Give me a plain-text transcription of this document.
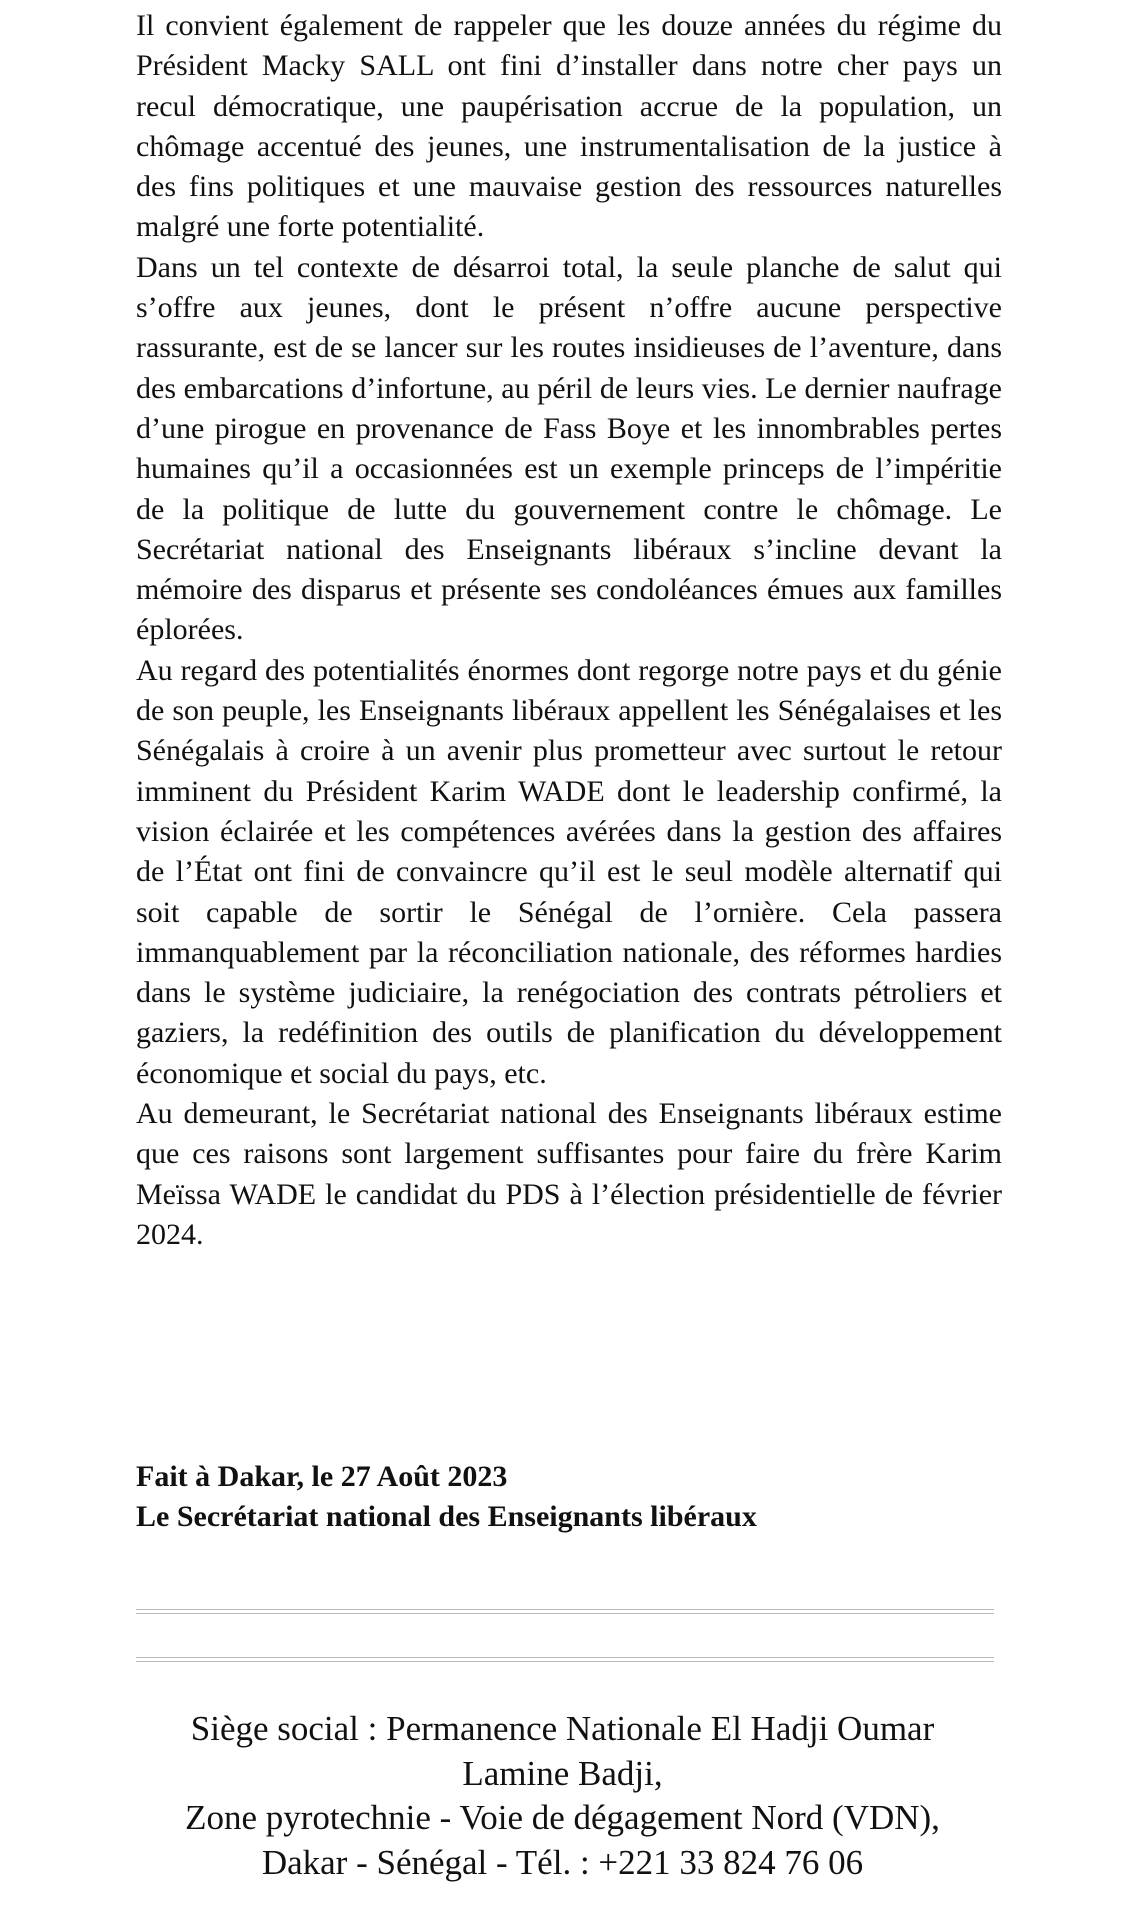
Il convient également de rappeler que les douze années du régime du Président Macky SALL ont fini d’installer dans notre cher pays un recul démocratique, une paupérisation accrue de la population, un chômage accentué des jeunes, une instrumentalisation de la justice à des fins politiques et une mauvaise gestion des ressources naturelles malgré une forte potentialité.

Dans un tel contexte de désarroi total, la seule planche de salut qui s’offre aux jeunes, dont le présent n’offre aucune perspective rassurante, est de se lancer sur les routes insidieuses de l’aventure, dans des embarcations d’infortune, au péril de leurs vies. Le dernier naufrage d’une pirogue en provenance de Fass Boye et les innombrables pertes humaines qu’il a occasionnées est un exemple princeps de l’impéritie de la politique de lutte du gouvernement contre le chômage. Le Secrétariat national des Enseignants libéraux s’incline devant la mémoire des disparus et présente ses condoléances émues aux familles éplorées.

Au regard des potentialités énormes dont regorge notre pays et du génie de son peuple, les Enseignants libéraux appellent les Sénégalaises et les Sénégalais à croire à un avenir plus prometteur avec surtout le retour imminent du Président Karim WADE dont le leadership confirmé, la vision éclairée et les compétences avérées dans la gestion des affaires de l’État ont fini de convaincre qu’il est le seul modèle alternatif qui soit capable de sortir le Sénégal de l’ornière. Cela passera immanquablement par la réconciliation nationale, des réformes hardies dans le système judiciaire, la renégociation des contrats pétroliers et gaziers, la redéfinition des outils de planification du développement économique et social du pays, etc.

Au demeurant, le Secrétariat national des Enseignants libéraux estime que ces raisons sont largement suffisantes pour faire du frère Karim Meïssa WADE le candidat du PDS à l’élection présidentielle de février 2024.

Fait à Dakar, le 27 Août 2023
Le Secrétariat national des Enseignants libéraux
Siège social : Permanence Nationale El Hadji Oumar
Lamine Badji,
Zone pyrotechnie - Voie de dégagement Nord (VDN),
Dakar - Sénégal - Tél. : +221 33 824 76 06
